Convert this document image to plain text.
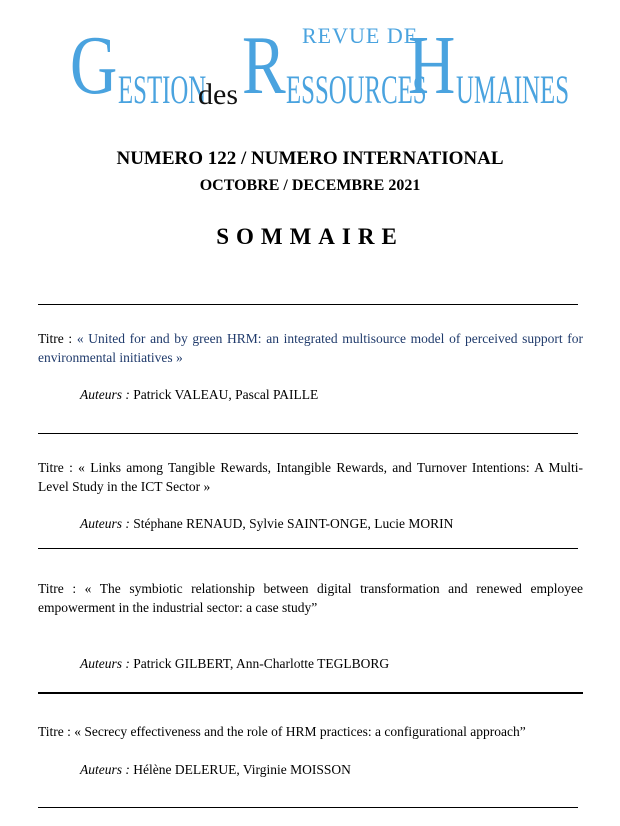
REVUE DE
G ESTION
des R ESSOURCES
H UMAINES
NUMERO 122 / NUMERO INTERNATIONAL
OCTOBRE / DECEMBRE 2021
SOMMAIRE
Titre : « United for and by green HRM: an integrated multisource model of perceived support for environmental initiatives »
Auteurs : Patrick VALEAU, Pascal PAILLE
Titre : « Links among Tangible Rewards, Intangible Rewards, and Turnover Intentions: A Multi-Level Study in the ICT Sector »
Auteurs : Stéphane RENAUD, Sylvie SAINT-ONGE, Lucie MORIN
Titre : « The symbiotic relationship between digital transformation and renewed employee empowerment in the industrial sector: a case study”
Auteurs : Patrick GILBERT, Ann-Charlotte TEGLBORG
Titre : « Secrecy effectiveness and the role of HRM practices: a configurational approach”
Auteurs : Hélène DELERUE, Virginie MOISSON
